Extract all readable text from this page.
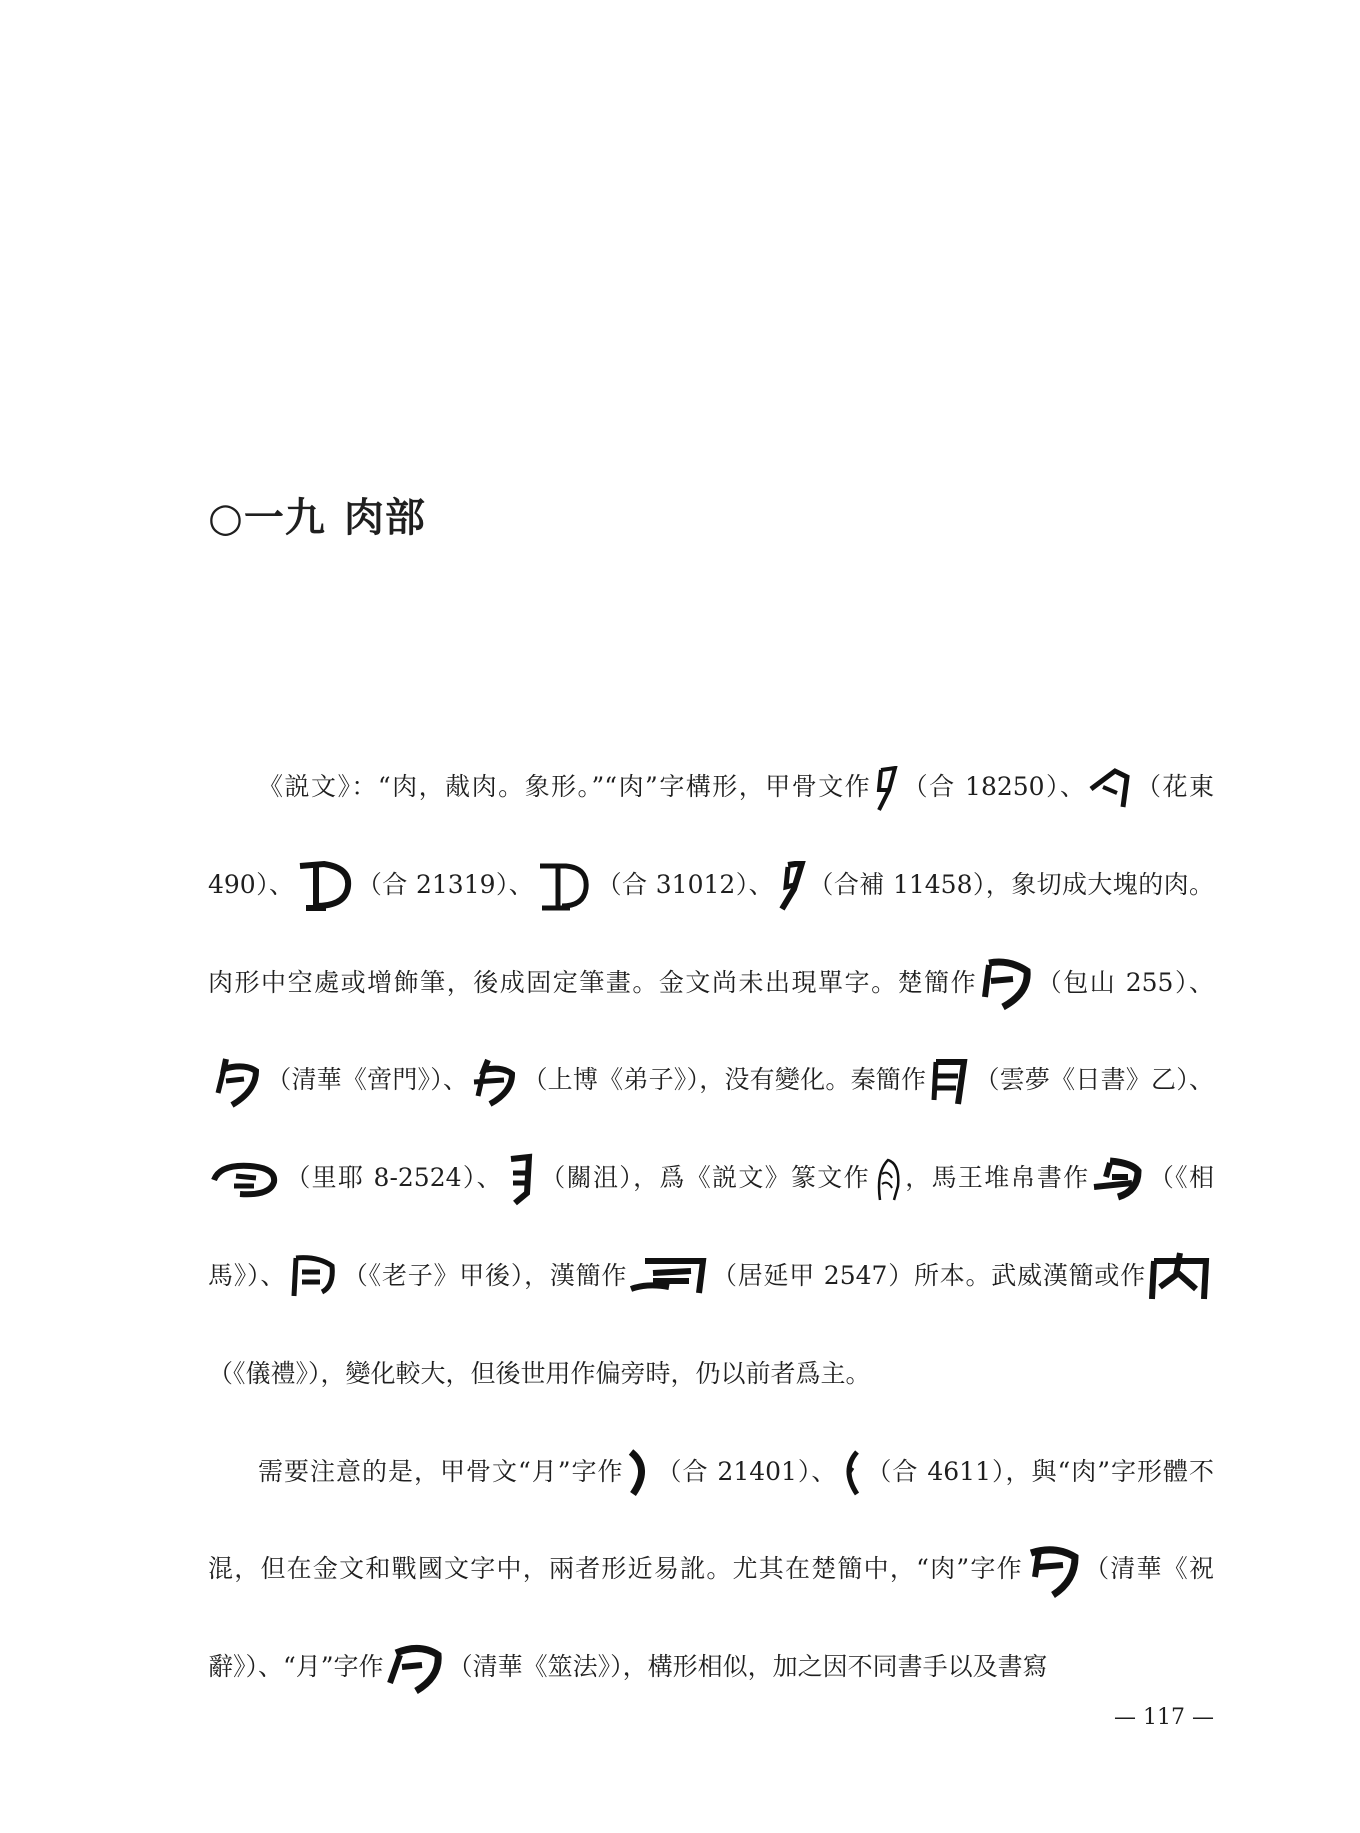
○一九 肉部

《説文》：“肉，胾肉。象形。”“肉”字構形，甲骨文作 （合 18250）、 （花東 490）、 （合 21319）、 （合 31012）、 （合補 11458），象切成大塊的肉。肉形中空處或增飾筆，後成固定筆畫。金文尚未出現單字。楚簡作 （包山 255）、
（清華《啻門》）、 （上博《弟子》），没有變化。秦簡作 （雲夢《日書》乙）、
（里耶 8-2524）、 （關沮），爲《説文》篆文作 ，馬王堆帛書作 （《相馬》）、 （《老子》甲後），漢簡作	（居延甲 2547）所本。武威漢簡或作
（《儀禮》），變化較大，但後世用作偏旁時，仍以前者爲主。

需要注意的是，甲骨文“月”字作 （合 21401）、 （合 4611），與“肉”字形體不混，但在金文和戰國文字中，兩者形近易訛。尤其在楚簡中，“肉”字作 （清華《祝辭》）、“月”字作	（清華《筮法》），構形相似，加之因不同書手以及書寫

— 117 —
